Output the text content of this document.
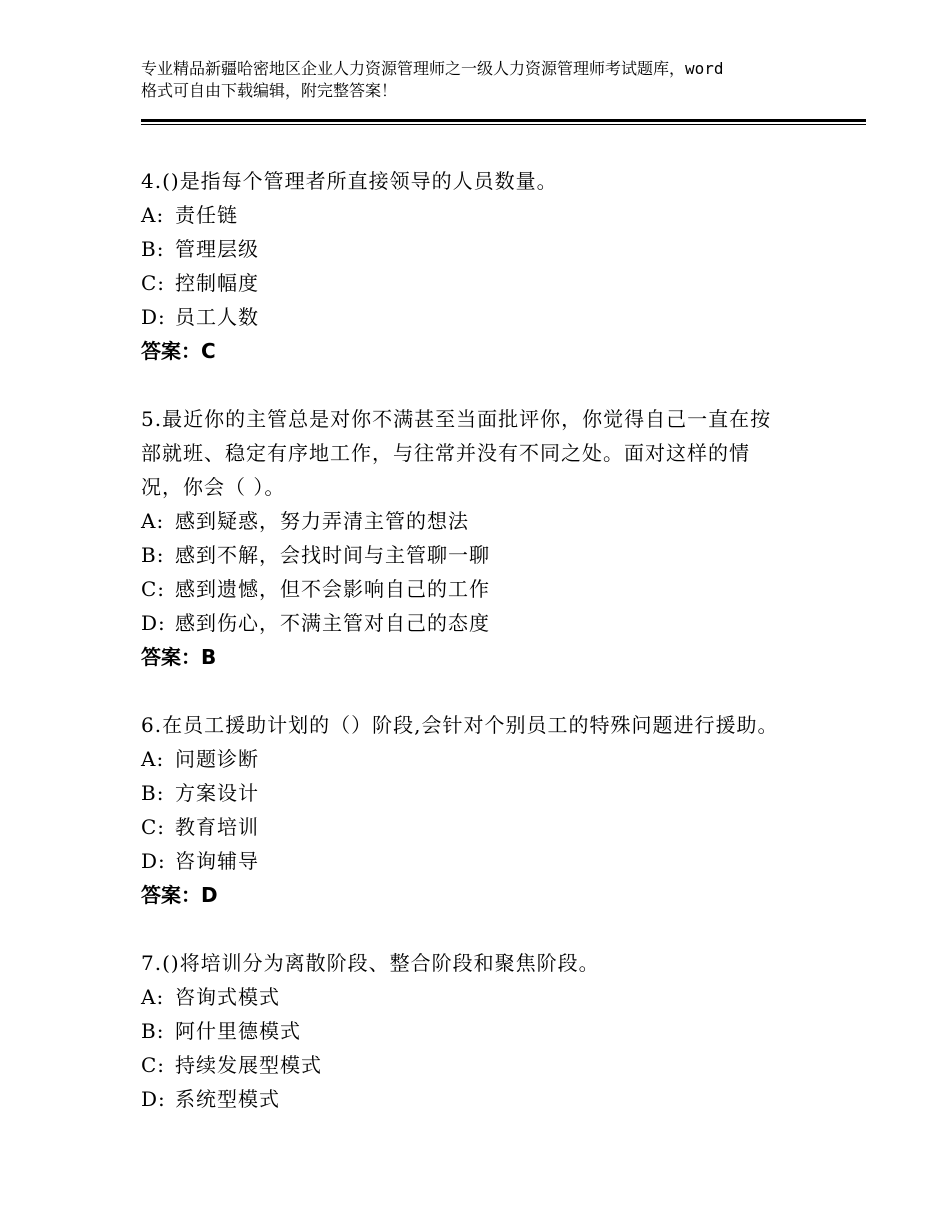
专业精品新疆哈密地区企业人力资源管理师之一级人力资源管理师考试题库，word
格式可自由下载编辑，附完整答案！
4.()是指每个管理者所直接领导的人员数量。
A: 责任链
B: 管理层级
C: 控制幅度
D: 员工人数
答案：C
5.最近你的主管总是对你不满甚至当面批评你，你觉得自己一直在按
部就班、稳定有序地工作，与往常并没有不同之处。面对这样的情
况，你会（ ）。
A: 感到疑惑，努力弄清主管的想法
B: 感到不解，会找时间与主管聊一聊
C: 感到遗憾，但不会影响自己的工作
D: 感到伤心，不满主管对自己的态度
答案：B
6.在员工援助计划的（）阶段,会针对个别员工的特殊问题进行援助。
A: 问题诊断
B: 方案设计
C: 教育培训
D: 咨询辅导
答案：D
7.()将培训分为离散阶段、整合阶段和聚焦阶段。
A: 咨询式模式
B: 阿什里德模式
C: 持续发展型模式
D: 系统型模式
